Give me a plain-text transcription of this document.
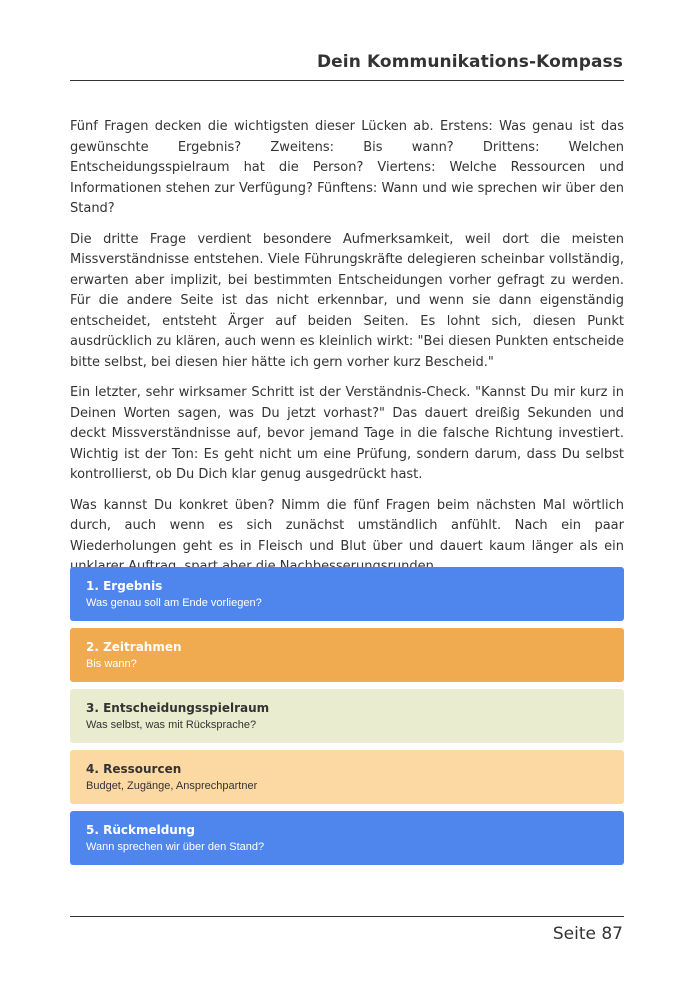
Dein Kommunikations-Kompass

Fünf Fragen decken die wichtigsten dieser Lücken ab. Erstens: Was genau ist das gewünschte Ergebnis? Zweitens: Bis wann? Drittens: Welchen Entscheidungsspielraum hat die Person? Viertens: Welche Ressourcen und Informationen stehen zur Verfügung? Fünftens: Wann und wie sprechen wir über den Stand?

Die dritte Frage verdient besondere Aufmerksamkeit, weil dort die meisten Missverständnisse entstehen. Viele Führungskräfte delegieren scheinbar vollständig, erwarten aber implizit, bei bestimmten Entscheidungen vorher gefragt zu werden. Für die andere Seite ist das nicht erkennbar, und wenn sie dann eigenständig entscheidet, entsteht Ärger auf beiden Seiten. Es lohnt sich, diesen Punkt ausdrücklich zu klären, auch wenn es kleinlich wirkt: "Bei diesen Punkten entscheide bitte selbst, bei diesen hier hätte ich gern vorher kurz Bescheid."

Ein letzter, sehr wirksamer Schritt ist der Verständnis-Check. "Kannst Du mir kurz in Deinen Worten sagen, was Du jetzt vorhast?" Das dauert dreißig Sekunden und deckt Missverständnisse auf, bevor jemand Tage in die falsche Richtung investiert. Wichtig ist der Ton: Es geht nicht um eine Prüfung, sondern darum, dass Du selbst kontrollierst, ob Du Dich klar genug ausgedrückt hast.

Was kannst Du konkret üben? Nimm die fünf Fragen beim nächsten Mal wörtlich durch, auch wenn es sich zunächst umständlich anfühlt. Nach ein paar Wiederholungen geht es in Fleisch und Blut über und dauert kaum länger als ein

1. Ergebnis
Was genau soll am Ende vorliegen?
2. Zeitrahmen
Bis wann?
3. Entscheidungsspielraum
Was selbst, was mit Rücksprache?
4. Ressourcen
Budget, Zugänge, Ansprechpartner
5. Rückmeldung
Wann sprechen wir über den Stand?
Seite 87
